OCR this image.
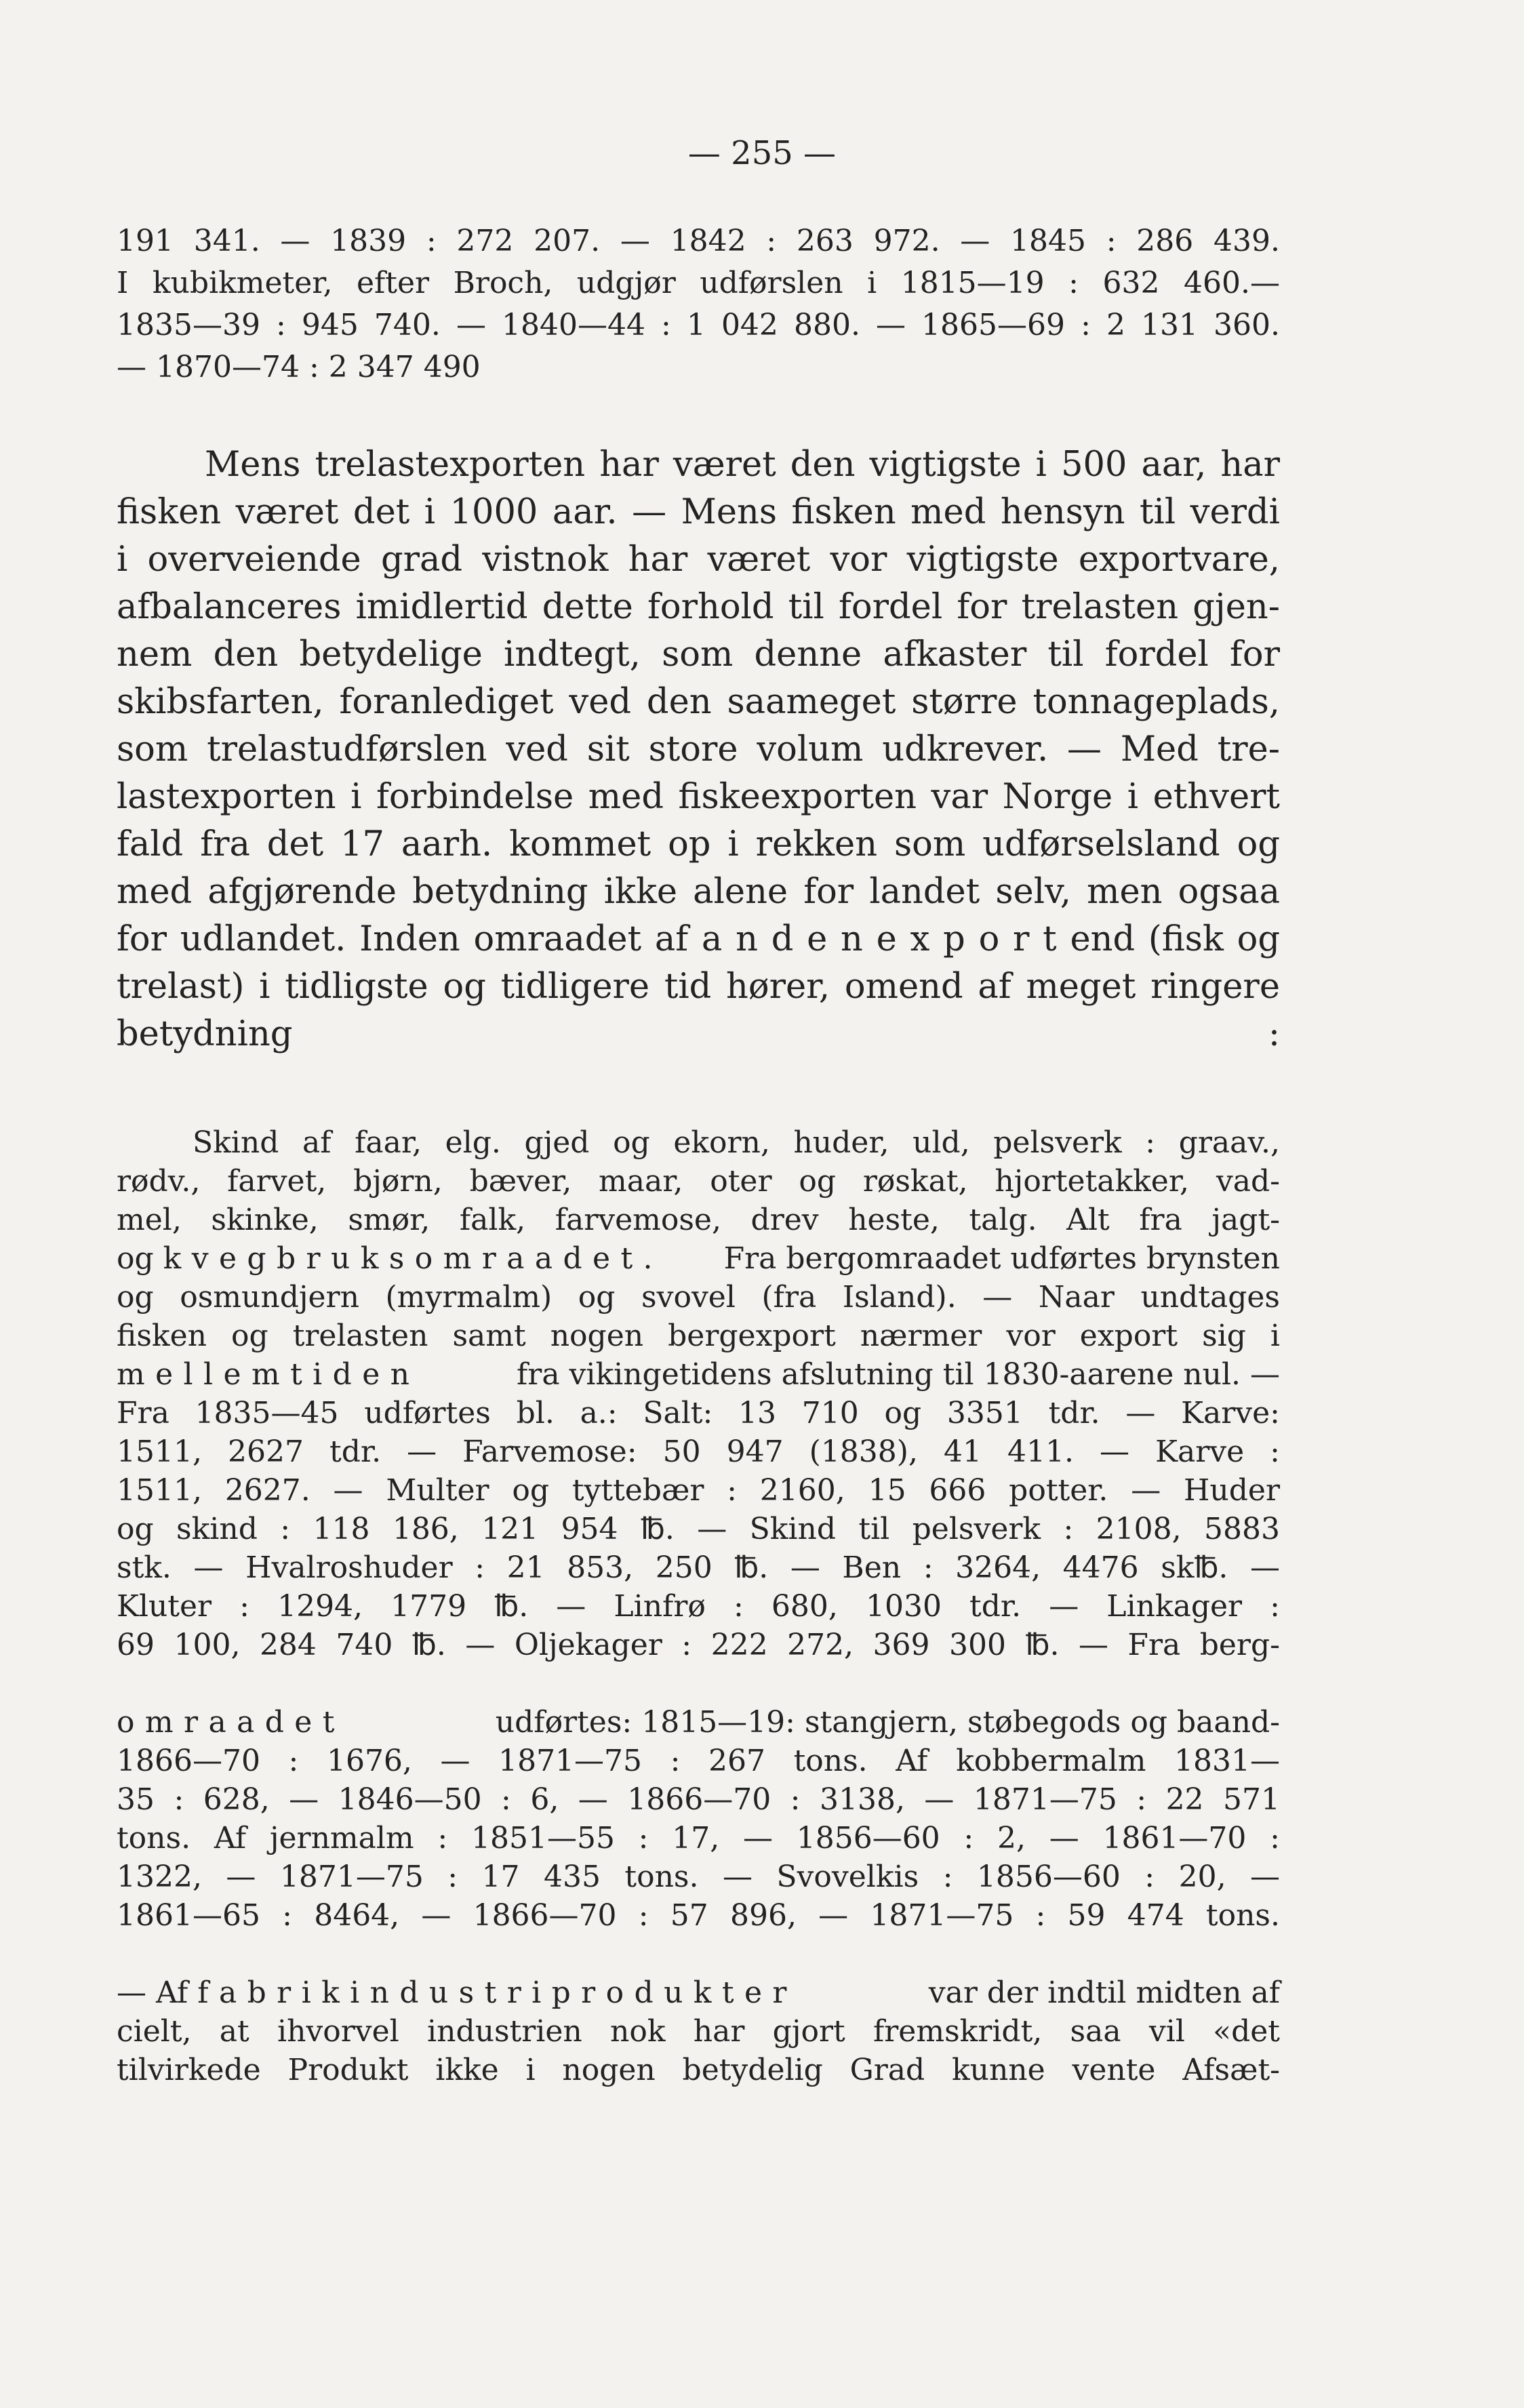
— 255 —
191 341. — 1839 : 272 207. — 1842 : 263 972. — 1845 : 286 439.
I kubikmeter, efter Broch, udgjør udførslen i 1815—19 : 632 460.—
1835—39 : 945 740. — 1840—44 : 1 042 880. — 1865—69 : 2 131 360.
— 1870—74 : 2 347 490
Mens trelastexporten har været den vigtigste i 500 aar, har
fisken været det i 1000 aar. — Mens fisken med hensyn til verdi
i overveiende grad vistnok har været vor vigtigste exportvare,
afbalanceres imidlertid dette forhold til fordel for trelasten gjen-
nem den betydelige indtegt, som denne afkaster til fordel for
skibsfarten, foranlediget ved den saameget større tonnageplads,
som trelastudførslen ved sit store volum udkrever. — Med tre-
lastexporten i forbindelse med fiskeexporten var Norge i ethvert
fald fra det 17 aarh. kommet op i rekken som udførselsland og
med afgjørende betydning ikke alene for landet selv, men ogsaa
for udlandet. Inden omraadet af a n d e n e x p o r t end (fisk og
trelast) i tidligste og tidligere tid hører, omend af meget ringere
betydning :
Skind af faar, elg. gjed og ekorn, huder, uld, pelsverk : graav.,
rødv., farvet, bjørn, bæver, maar, oter og røskat, hjortetakker, vad-
mel, skinke, smør, falk, farvemose, drev heste, talg. Alt fra jagt-
og kvegbruksomraadet. Fra bergomraadet udførtes brynsten
og osmundjern (myrmalm) og svovel (fra Island). — Naar undtages
fisken og trelasten samt nogen bergexport nærmer vor export sig i
mellemtiden	fra vikingetidens afslutning til 1830-aarene nul. —
Fra 1835—45 udførtes bl. a.: Salt: 13 710 og 3351 tdr. — Karve:
1511, 2627 tdr. — Farvemose: 50 947 (1838), 41 411. — Karve :
1511, 2627. — Multer og tyttebær : 2160, 15 666 potter. — Huder
og skind : 118 186, 121 954 ℔. — Skind til pelsverk : 2108, 5883
stk. — Hvalroshuder : 21 853, 250 ℔. — Ben : 3264, 4476 sk℔. —
Kluter : 1294, 1779 ℔. — Linfrø : 680, 1030 tdr. — Linkager :
69 100, 284 740 ℔. — Oljekager : 222 272, 369 300 ℔. — Fra berg-
omraadet	udførtes: 1815—19: stangjern, støbegods og baand-
1866—70 : 1676, — 1871—75 : 267 tons. Af kobbermalm 1831—
35 : 628, — 1846—50 : 6, — 1866—70 : 3138, — 1871—75 : 22 571
tons. Af jernmalm : 1851—55 : 17, — 1856—60 : 2, — 1861—70 :
1322, — 1871—75 : 17 435 tons. — Svovelkis : 1856—60 : 20, —
1861—65 : 8464, — 1866—70 : 57 896, — 1871—75 : 59 474 tons.
— Af fabrikindustriprodukter	var der indtil midten af
cielt, at ihvorvel industrien nok har gjort fremskridt, saa vil «det
tilvirkede Produkt ikke i nogen betydelig Grad kunne vente Afsæt-
